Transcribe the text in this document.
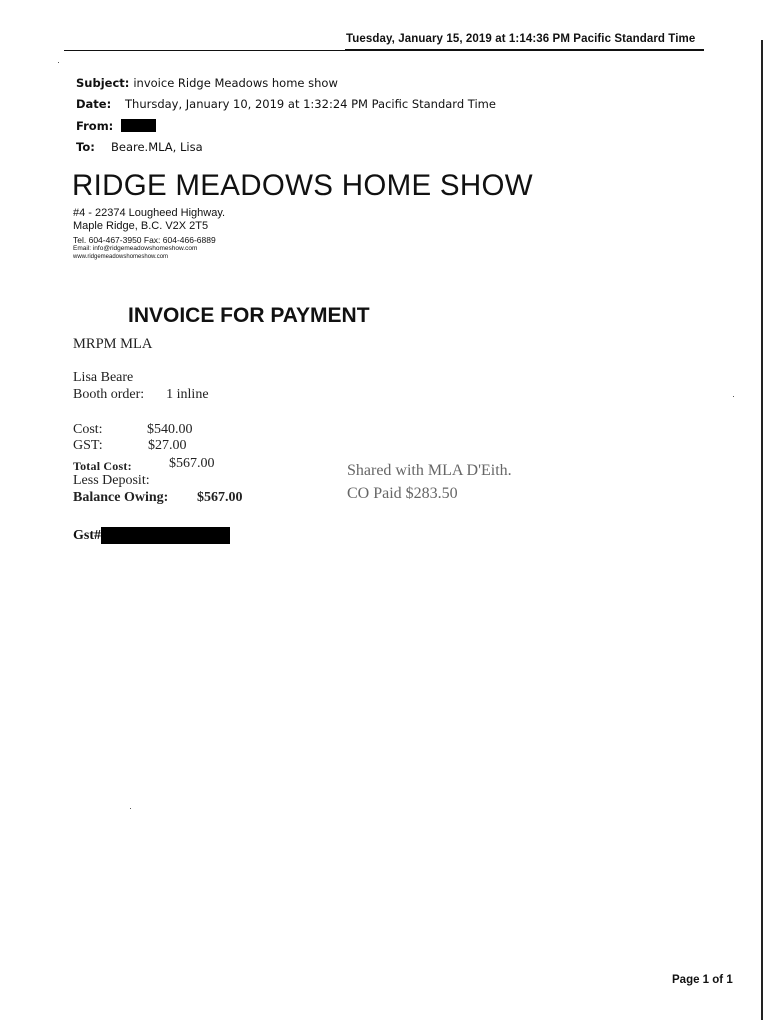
Tuesday, January 15, 2019 at 1:14:36 PM Pacific Standard Time
Subject: invoice Ridge Meadows home show
Date:	Thursday, January 10, 2019 at 1:32:24 PM Pacific Standard Time
From:
To:	Beare.MLA, Lisa
RIDGE MEADOWS HOME SHOW
#4 - 22374 Lougheed Highway.
Maple Ridge, B.C. V2X 2T5
Tel. 604-467-3950 Fax: 604-466-6889
Email: info@ridgemeadowshomeshow.com
www.ridgemeadowshomeshow.com
INVOICE FOR PAYMENT
MRPM MLA
Lisa Beare
Booth order: 1 inline
Cost:	$540.00
GST:	$27.00
Total Cost:	$567.00
Less Deposit:
Balance Owing: $567.00
Shared with MLA D'Eith.
CO Paid $283.50
Gst#
Page 1 of 1
